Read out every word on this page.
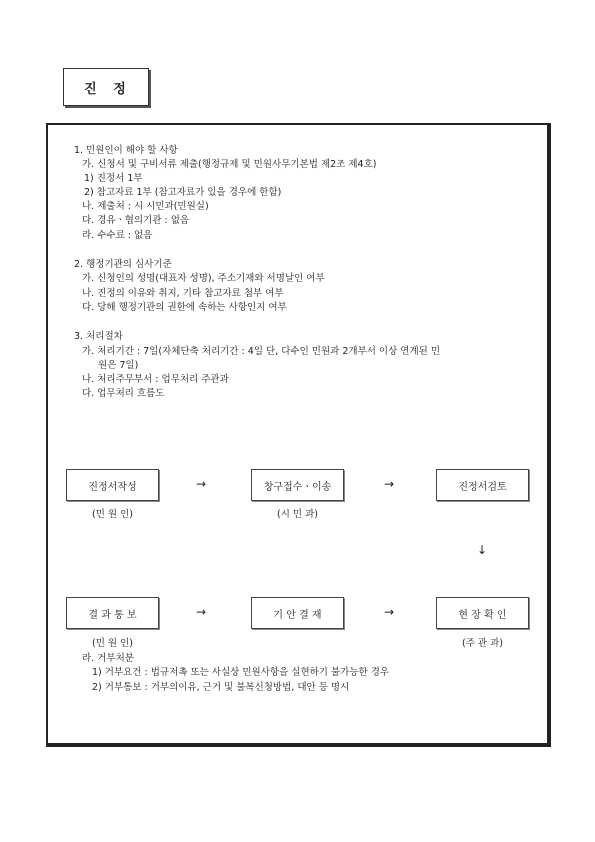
진 정
1. 민원인이 해야 할 사항
가. 신청서 및 구비서류 제출(행정규제 및 민원사무기본법 제2조 제4호)
1) 진정서 1부
2) 참고자료 1부 (참고자료가 있을 경우에 한함)
나. 제출처 : 시 시민과(민원실)
다. 경유ㆍ협의기관 : 없음
라. 수수료 : 없음
2. 행정기관의 심사기준
가. 신청인의 성명(대표자 성명), 주소기재와 서명날인 여부
나. 진정의 이유와 취지, 기타 참고자료 첨부 여부
다. 당해 행정기관의 권한에 속하는 사항인지 여부
3. 처리절차
가. 처리기간 : 7일(자체단축 처리기간 : 4일 단, 다수인 민원과 2개부서 이상 연계된 민
원은 7일)
나. 처리주무부서 : 업무처리 주관과
다. 업무처리 흐름도
진정서작성	→	창구접수ㆍ이송	→	진정서검토
(민 원 인)	(시 민 과)
↓
결 과 통 보	→	기 안 결 재	→	현 장 확 인
(민 원 인)	(주 관 과)
라. 거부처분
1) 거부요건 : 법규저촉 또는 사실상 민원사항을 실현하기 불가능한 경우
2) 거부통보 : 거부의이유, 근거 및 불복신청방법, 대안 등 명시
